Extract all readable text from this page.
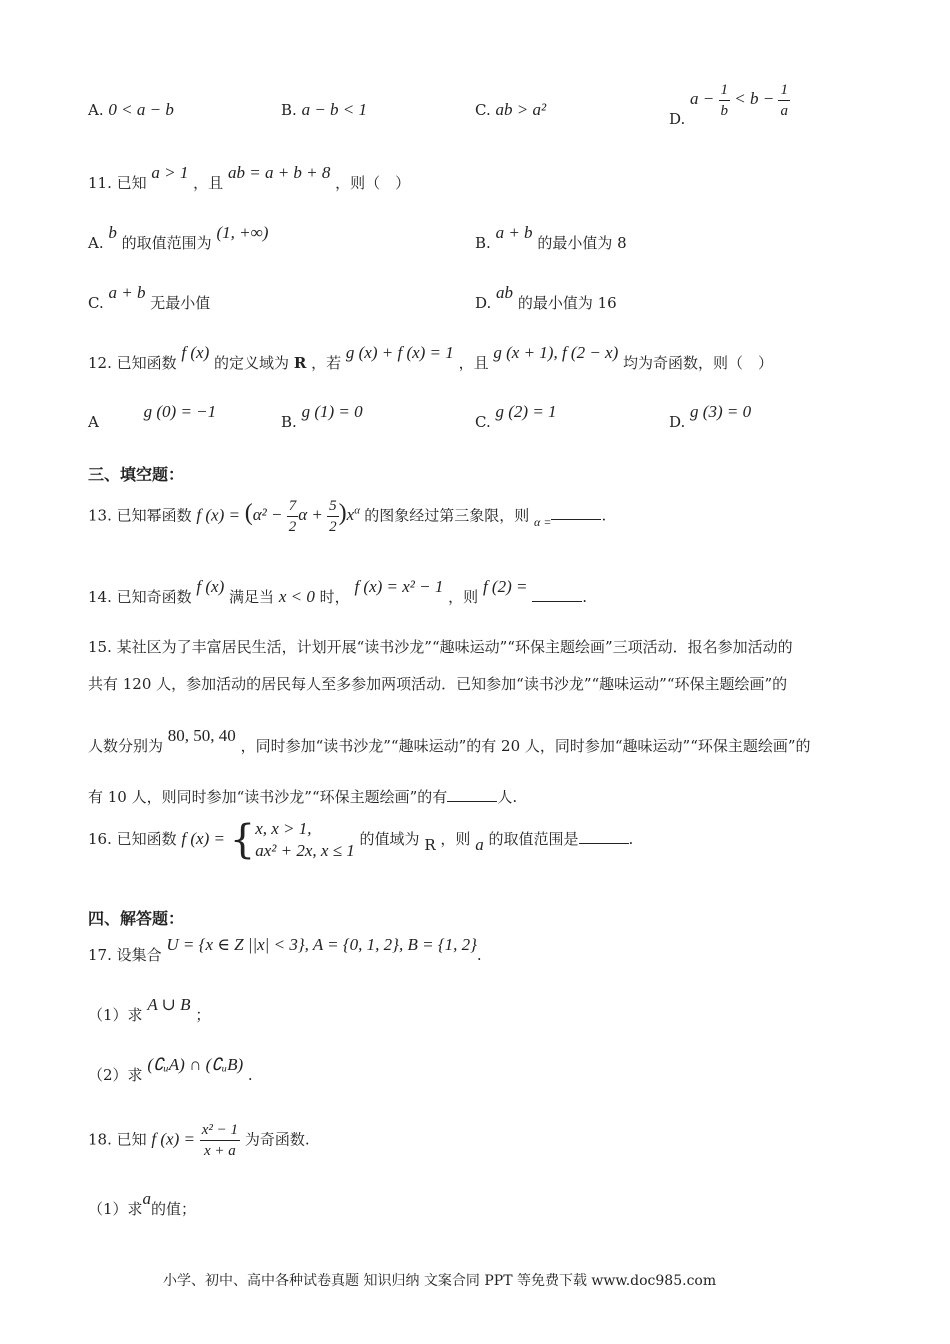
A. 0 < a − b	B. a − b < 1	C. ab > a²
D. $a - \frac{1}{b} < b - \frac{1}{a}$
11. 已知 a > 1 ，且 ab = a + b + 8 ，则（　）
A. b 的取值范围为 (1, +∞)
B. a + b 的最小值为 8
C. a + b 无最小值	D. ab 的最小值为 16
12. 已知函数 f (x) 的定义域为 R ，若 g (x) + f (x) = 1 ，且 g (x + 1), f (2 − x) 均为奇函数，则（　）
A g (0) = −1
B. g (1) = 0
C. g (2) = 1
D. g (3) = 0
三、填空题：
13. 已知幂函数 f $(x) = (\alpha^2 - \frac{7}{2}$ $\alpha + \frac{5}{2} )x^\alpha$ 的图象经过第三象限，则 $_{\alpha =}$	.
14. 已知奇函数 f (x) 满足当 x < 0 时， f (x) = x² − 1 ，则 f (2) = .
15. 某社区为了丰富居民生活，计划开展“读书沙龙”“趣味运动”“环保主题绘画”三项活动．报名参加活动的
共有 120 人，参加活动的居民每人至多参加两项活动．已知参加“读书沙龙”“趣味运动”“环保主题绘画”的
人数分别为 80, 50, 40 ，同时参加“读书沙龙”“趣味运动”的有 20 人，同时参加“趣味运动”“环保主题绘画”的
有 10 人，则同时参加“读书沙龙”“环保主题绘画”的有	人.
16. 已知函数 f (x) = {x, x > 1,
ax² + 2x, x ≤ 1 的值域为 R ，则 a 的取值范围是	.
四、解答题：
17. 设集合 U = {x ∈ Z ||x| < 3}, A = {0, 1, 2}, B = {1, 2}.
（1）求 A ∪ B ；
（2）求 (∁ᵤA) ∩ (∁ᵤB) .
18. 已知 f $(x) = \frac{\text{x² − 1}}{x + a}$ 为奇函数.
（1）求a的值；
小学、初中、高中各种试卷真题 知识归纳 文案合同 PPT 等免费下载 www.doc985.com
